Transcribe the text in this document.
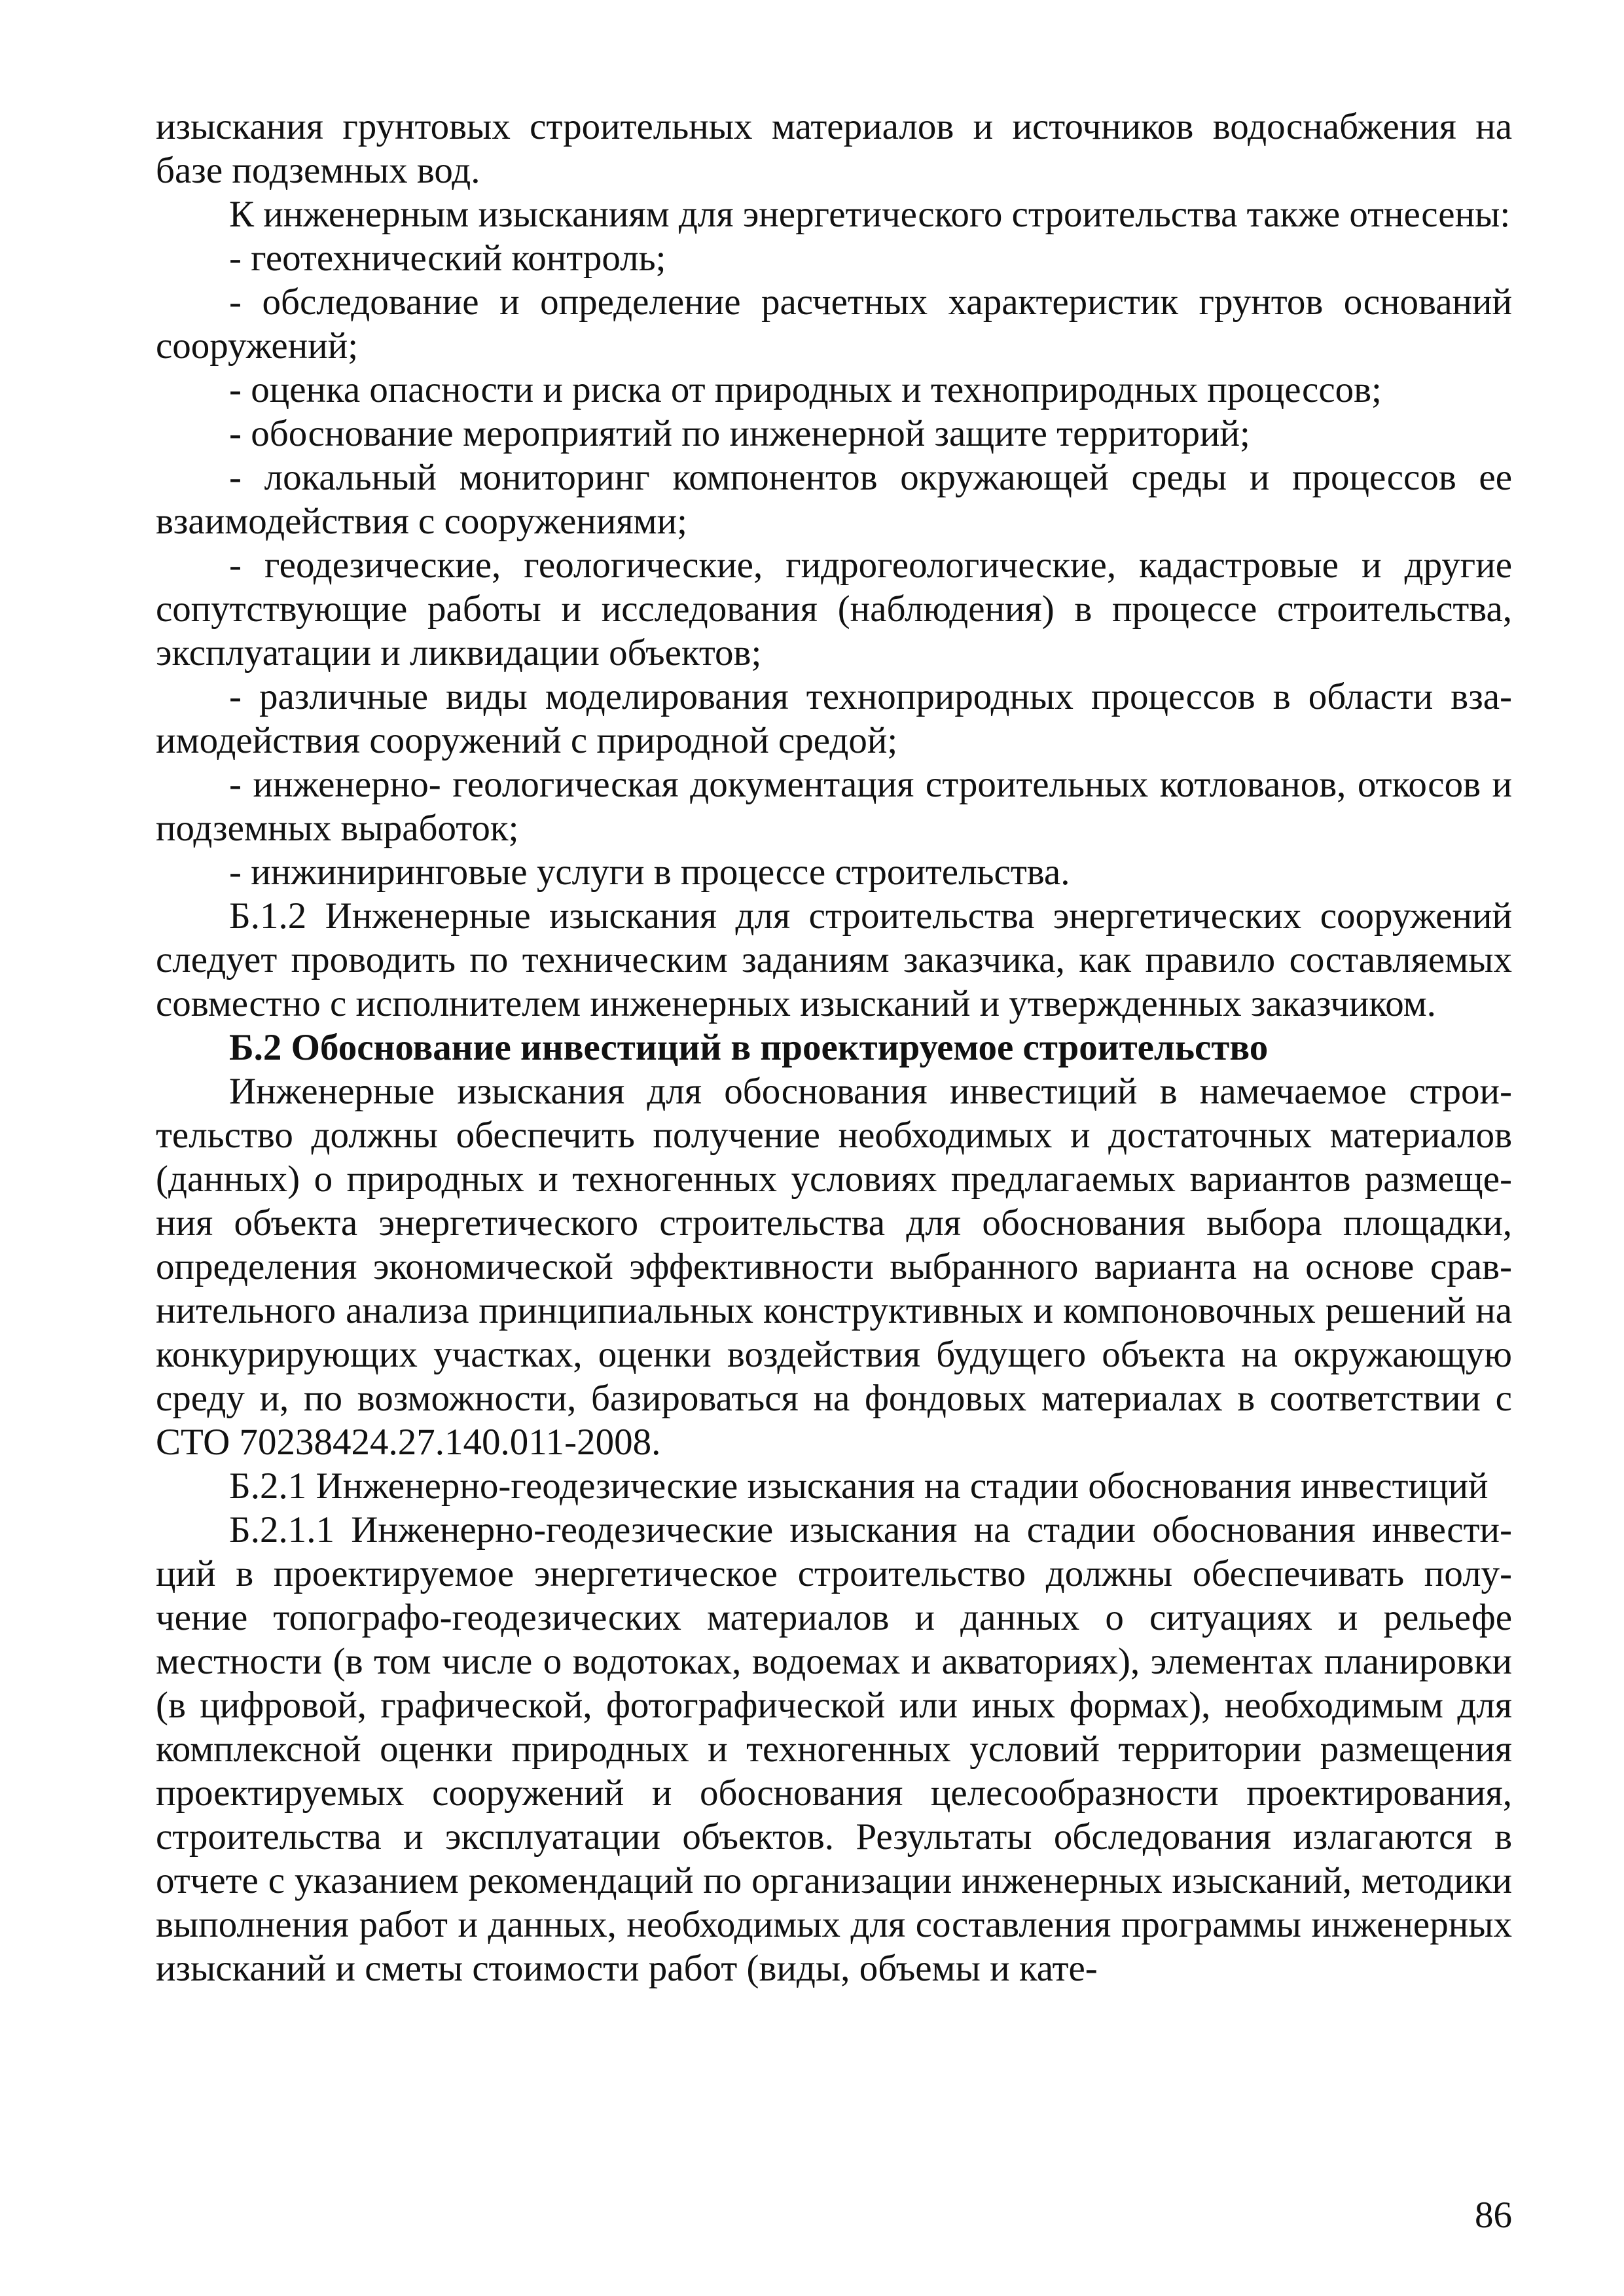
изыскания грунтовых строительных материалов и источников водоснабжения на базе подземных вод.

К инженерным изысканиям для энергетического строительства также отнесены:

- геотехнический контроль;

- обследование и определение расчетных характеристик грунтов оснований сооружений;

- оценка опасности и риска от природных и техноприродных процессов;

- обоснование мероприятий по инженерной защите территорий;

- локальный мониторинг компонентов окружающей среды и процессов ее взаимодействия с сооружениями;

- геодезические, геологические, гидрогеологические, кадастровые и другие сопутствующие работы и исследования (наблюдения) в процессе строительства, эксплуатации и ликвидации объектов;

- различные виды моделирования техноприродных процессов в области взаимодействия сооружений с природной средой;

- инженерно- геологическая документация строительных котлованов, откосов и подземных выработок;

- инжиниринговые услуги в процессе строительства.

Б.1.2 Инженерные изыскания для строительства энергетических сооружений следует проводить по техническим заданиям заказчика, как правило составляемых совместно с исполнителем инженерных изысканий и утвержденных заказчиком.

Б.2 Обоснование инвестиций в проектируемое строительство

Инженерные изыскания для обоснования инвестиций в намечаемое строительство должны обеспечить получение необходимых и достаточных материалов (данных) о природных и техногенных условиях предлагаемых вариантов размещения объекта энергетического строительства для обоснования выбора площадки, определения экономической эффективности выбранного варианта на основе сравнительного анализа принципиальных конструктивных и компоновочных решений на конкурирующих участках, оценки воздействия будущего объекта на окружающую среду и, по возможности, базироваться на фондовых материалах в соответствии с СТО 70238424.27.140.011-2008.

Б.2.1 Инженерно-геодезические изыскания на стадии обоснования инвестиций

Б.2.1.1 Инженерно-геодезические изыскания на стадии обоснования инвестиций в проектируемое энергетическое строительство должны обеспечивать получение топографо-геодезических материалов и данных о ситуациях и рельефе местности (в том числе о водотоках, водоемах и акваториях), элементах планировки (в цифровой, графической, фотографической или иных формах), необходимым для комплексной оценки природных и техногенных условий территории размещения проектируемых сооружений и обоснования целесообразности проектирования, строительства и эксплуатации объектов. Результаты обследования излагаются в отчете с указанием рекомендаций по организации инженерных изысканий, методики выполнения работ и данных, необходимых для составления программы инженерных изысканий и сметы стоимости работ (виды, объемы и кате-

86
